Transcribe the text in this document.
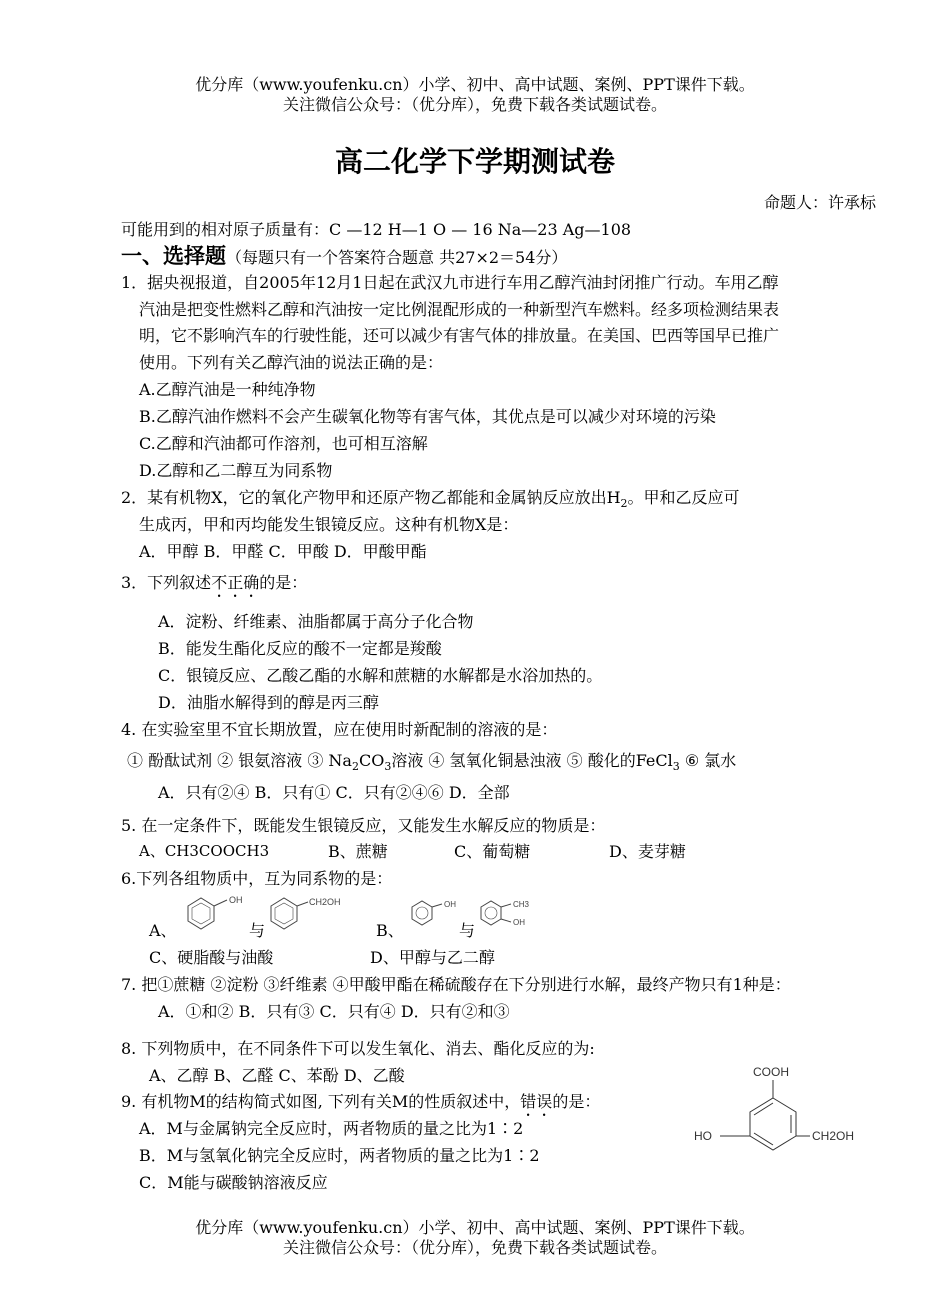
优分库（www.youfenku.cn）小学、初中、高中试题、案例、PPT课件下载。
关注微信公众号：（优分库），免费下载各类试题试卷。
高二化学下学期测试卷
命题人：许承标
可能用到的相对原子质量有：C —12 H—1 O — 16 Na—23 Ag—108
一、选择题（每题只有一个答案符合题意 共27×2＝54分）
1．据央视报道，自2005年12月1日起在武汉九市进行车用乙醇汽油封闭推广行动。车用乙醇
汽油是把变性燃料乙醇和汽油按一定比例混配形成的一种新型汽车燃料。经多项检测结果表
明，它不影响汽车的行驶性能，还可以减少有害气体的排放量。在美国、巴西等国早已推广
使用。下列有关乙醇汽油的说法正确的是：
A.乙醇汽油是一种纯净物
B.乙醇汽油作燃料不会产生碳氧化物等有害气体，其优点是可以减少对环境的污染
C.乙醇和汽油都可作溶剂，也可相互溶解
D.乙醇和乙二醇互为同系物
2．某有机物X，它的氧化产物甲和还原产物乙都能和金属钠反应放出$H_2$。甲和乙反应可
生成丙，甲和丙均能发生银镜反应。这种有机物X是：
A．甲醇 B．甲醛 C．甲酸 D．甲酸甲酯
3．下列叙述不正确的是：
A．淀粉、纤维素、油脂都属于高分子化合物
B．能发生酯化反应的酸不一定都是羧酸
C．银镜反应、乙酸乙酯的水解和蔗糖的水解都是水浴加热的。
D．油脂水解得到的醇是丙三醇
4. 在实验室里不宜长期放置，应在使用时新配制的溶液的是：
① 酚酞试剂 ② 银氨溶液 ③ $Na_2CO_3$溶液 ④ 氢氧化铜悬浊液 ⑤ 酸化的FeCl$_3$ ⑥ 氯水
A．只有②④ B．只有① C．只有②④⑥ D．全部
5. 在一定条件下，既能发生银镜反应，又能发生水解反应的物质是：
A、CH3COOCH3	B、蔗糖	C、葡萄糖	D、麦芽糖
6.下列各组物质中，互为同系物的是：
A、
OH
与
CH2OH
B、
OH
与
CH3
OH
C、硬脂酸与油酸	D、甲醇与乙二醇
7. 把①蔗糖 ②淀粉 ③纤维素 ④甲酸甲酯在稀硫酸存在下分别进行水解，最终产物只有1种是：
A．①和② B．只有③ C．只有④ D．只有②和③
8. 下列物质中，在不同条件下可以发生氧化、消去、酯化反应的为:
A、乙醇 B、乙醛 C、苯酚 D、乙酸
9. 有机物M的结构简式如图, 下列有关M的性质叙述中，错误的是：
A．M与金属钠完全反应时，两者物质的量之比为1∶2
B．M与氢氧化钠完全反应时，两者物质的量之比为1∶2
C．M能与碳酸钠溶液反应
COOH
HO	CH2OH
优分库（www.youfenku.cn）小学、初中、高中试题、案例、PPT课件下载。
关注微信公众号：（优分库），免费下载各类试题试卷。
